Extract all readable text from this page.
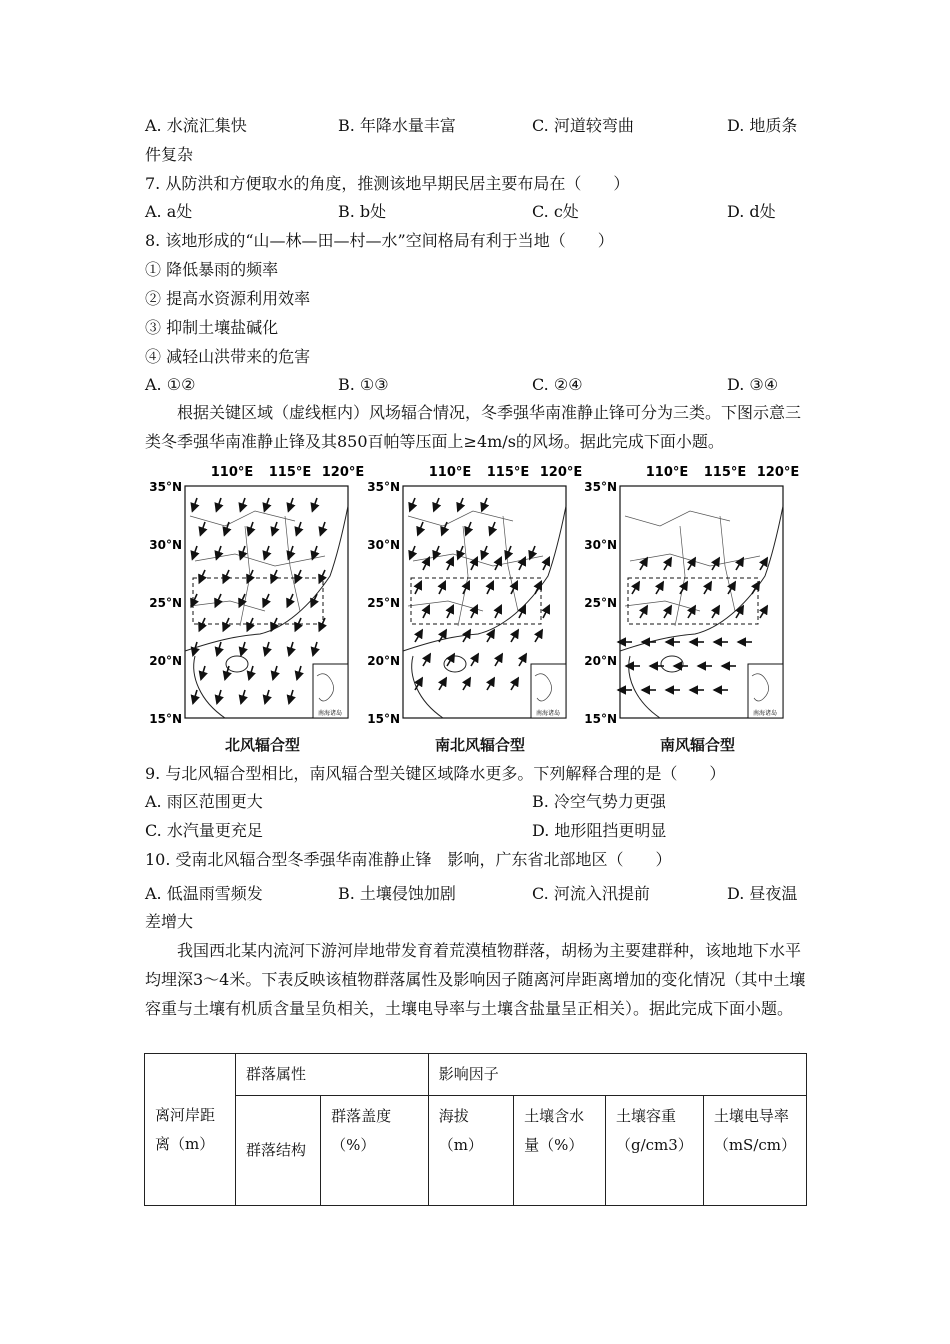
A. 水流汇集快	B. 年降水量丰富	C. 河道较弯曲	D. 地质条
件复杂
7. 从防洪和方便取水的角度，推测该地早期民居主要布局在（　　）
A. a处	B. b处	C. c处	D. d处
8. 该地形成的“山—林—田—村—水”空间格局有利于当地（　　）
① 降低暴雨的频率
② 提高水资源利用效率
③ 抑制土壤盐碱化
④ 减轻山洪带来的危害
A. ①②	B. ①③	C. ②④	D. ③④
根据关键区域（虚线框内）风场辐合情况，冬季强华南准静止锋可分为三类。下图示意三类冬季强华南准静止锋及其850百帕等压面上≥4m/s的风场。据此完成下面小题。
110°E 115°E 120°E
35°N
30°N
25°N
20°N
15°N	南海诸岛
110°E 115°E 120°E
35°N
30°N
25°N
20°N
15°N	南海诸岛
110°E 115°E 120°E
35°N
30°N
25°N
20°N
15°N	南海诸岛
北风辐合型	南北风辐合型	南风辐合型
9. 与北风辐合型相比，南风辐合型关键区域降水更多。下列解释合理的是（　　）
A. 雨区范围更大	B. 冷空气势力更强
C. 水汽量更充足	D. 地形阻挡更明显
10. 受南北风辐合型冬季强华南准静止锋　影响，广东省北部地区（　　）
A. 低温雨雪频发	B. 土壤侵蚀加剧	C. 河流入汛提前	D. 昼夜温
差增大
我国西北某内流河下游河岸地带发育着荒漠植物群落，胡杨为主要建群种，该地地下水平均埋深3～4米。下表反映该植物群落属性及影响因子随离河岸距离增加的变化情况（其中土壤容重与土壤有机质含量呈负相关，土壤电导率与土壤含盐量呈正相关）。据此完成下面小题。
离河岸距离（m）	群落属性		影响因子			
	群落结构	群落盖度（%）	海拔（m）	土壤含水量（%）	土壤容重（g/cm3）	土壤电导率（mS/cm）
